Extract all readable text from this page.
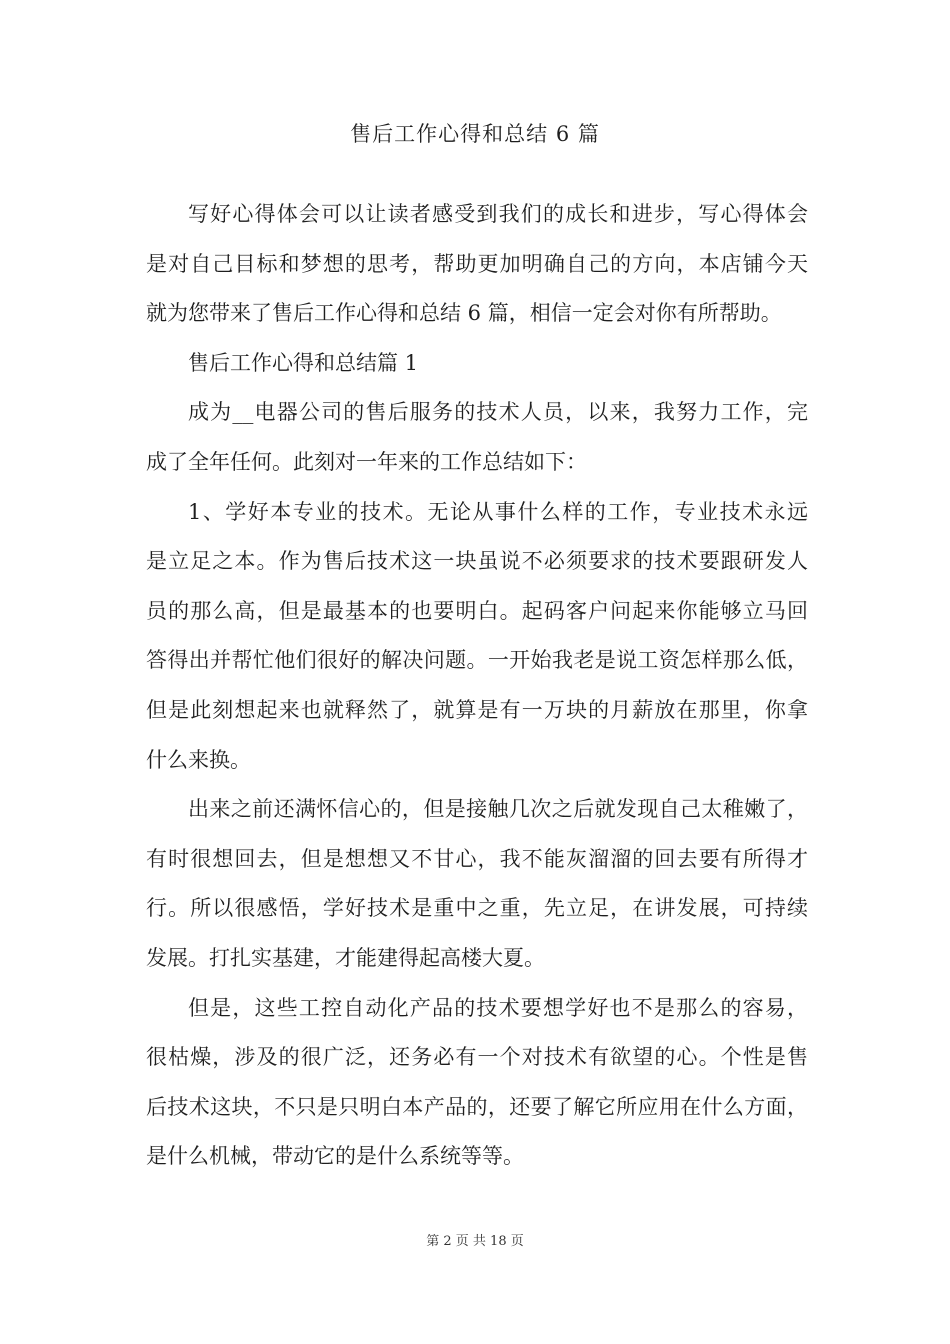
售后工作心得和总结 6 篇
写好心得体会可以让读者感受到我们的成长和进步，写心得体会
是对自己目标和梦想的思考，帮助更加明确自己的方向，本店铺今天
就为您带来了售后工作心得和总结 6 篇，相信一定会对你有所帮助。
售后工作心得和总结篇 1
成为__电器公司的售后服务的技术人员，以来，我努力工作，完
成了全年任何。此刻对一年来的工作总结如下：
1、学好本专业的技术。无论从事什么样的工作，专业技术永远
是立足之本。作为售后技术这一块虽说不必须要求的技术要跟研发人
员的那么高，但是最基本的也要明白。起码客户问起来你能够立马回
答得出并帮忙他们很好的解决问题。一开始我老是说工资怎样那么低，
但是此刻想起来也就释然了，就算是有一万块的月薪放在那里，你拿
什么来换。
出来之前还满怀信心的，但是接触几次之后就发现自己太稚嫩了，
有时很想回去，但是想想又不甘心，我不能灰溜溜的回去要有所得才
行。所以很感悟，学好技术是重中之重，先立足，在讲发展，可持续
发展。打扎实基建，才能建得起高楼大夏。
但是，这些工控自动化产品的技术要想学好也不是那么的容易，
很枯燥，涉及的很广泛，还务必有一个对技术有欲望的心。个性是售
后技术这块，不只是只明白本产品的，还要了解它所应用在什么方面，
是什么机械，带动它的是什么系统等等。
第 2 页 共 18 页
